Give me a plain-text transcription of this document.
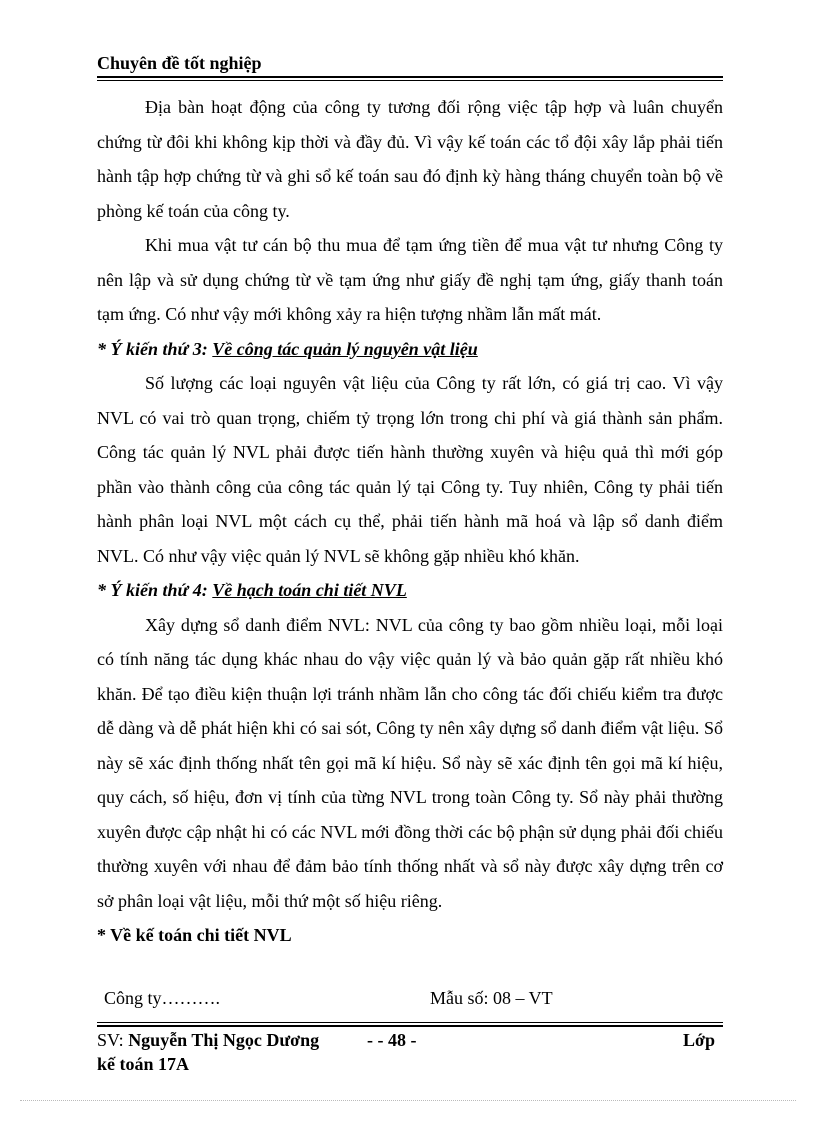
Chuyên đề tốt nghiệp

Địa bàn hoạt động của công ty tương đối rộng việc tập hợp và luân chuyển chứng từ đôi khi không kịp thời và đầy đủ. Vì vậy kế toán các tổ đội xây lắp phải tiến hành tập hợp chứng từ và ghi sổ kế toán sau đó định kỳ hàng tháng chuyển toàn bộ về phòng kế toán của công ty.

Khi mua vật tư cán bộ thu mua để tạm ứng tiền để mua vật tư nhưng Công ty nên lập và sử dụng chứng từ về tạm ứng như giấy đề nghị tạm ứng, giấy thanh toán tạm ứng. Có như vậy mới không xảy ra hiện tượng nhầm lẫn mất mát.

* Ý kiến thứ 3: Về công tác quản lý nguyên vật liệu

Số lượng các loại nguyên vật liệu của Công ty rất lớn, có giá trị cao. Vì vậy NVL có vai trò quan trọng, chiếm tỷ trọng lớn trong chi phí và giá thành sản phẩm. Công tác quản lý NVL phải được tiến hành thường xuyên và hiệu quả thì mới góp phần vào thành công của công tác quản lý tại Công ty. Tuy nhiên, Công ty phải tiến hành phân loại NVL một cách cụ thể, phải tiến hành mã hoá và lập sổ danh điểm NVL. Có như vậy việc quản lý NVL sẽ không gặp nhiều khó khăn.

* Ý kiến thứ 4: Về hạch toán chi tiết NVL

Xây dựng sổ danh điểm NVL: NVL của công ty bao gồm nhiều loại, mỗi loại có tính năng tác dụng khác nhau do vậy việc quản lý và bảo quản gặp rất nhiều khó khăn. Để tạo điều kiện thuận lợi tránh nhầm lẫn cho công tác đối chiếu kiểm tra được dễ dàng và dễ phát hiện khi có sai sót, Công ty nên xây dựng sổ danh điểm vật liệu. Sổ này sẽ xác định thống nhất tên gọi mã kí hiệu. Sổ này sẽ xác định tên gọi mã kí hiệu, quy cách, số hiệu, đơn vị tính của từng NVL trong toàn Công ty. Sổ này phải thường xuyên được cập nhật hi có các NVL mới đồng thời các bộ phận sử dụng phải đối chiếu thường xuyên với nhau để đảm bảo tính thống nhất và sổ này được xây dựng trên cơ sở phân loại vật liệu, mỗi thứ một số hiệu riêng.

* Về kế toán chi tiết NVL

Công ty……….	Mẫu số: 08 – VT
SV: Nguyễn Thị Ngọc Dương	- - 48 -	Lớp
kế toán 17A
